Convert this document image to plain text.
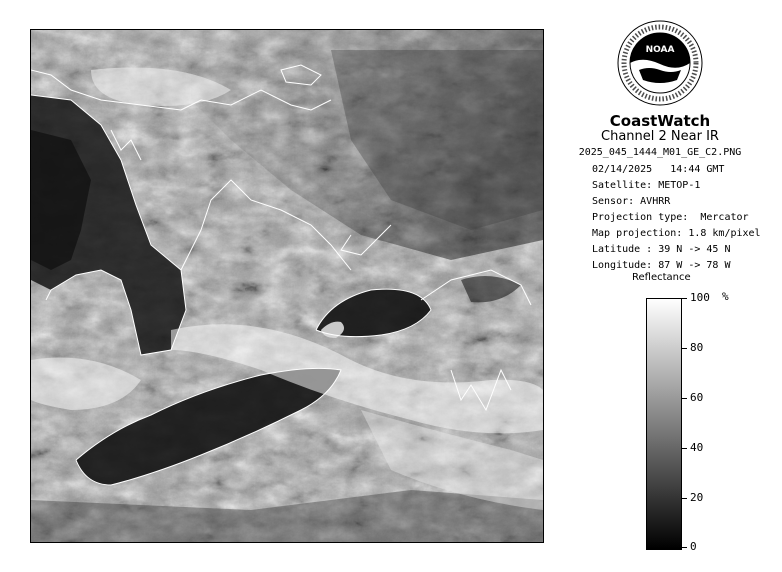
NOAA
CoastWatch
Channel 2 Near IR
2025_045_1444_M01_GE_C2.PNG
02/14/2025   14:44 GMT
Satellite: METOP-1
Sensor: AVHRR
Projection type:  Mercator
Map projection: 1.8 km/pixel
Latitude : 39 N -> 45 N
Longitude: 87 W -> 78 W
Reflectance
%
100
80
60
40
20
0
